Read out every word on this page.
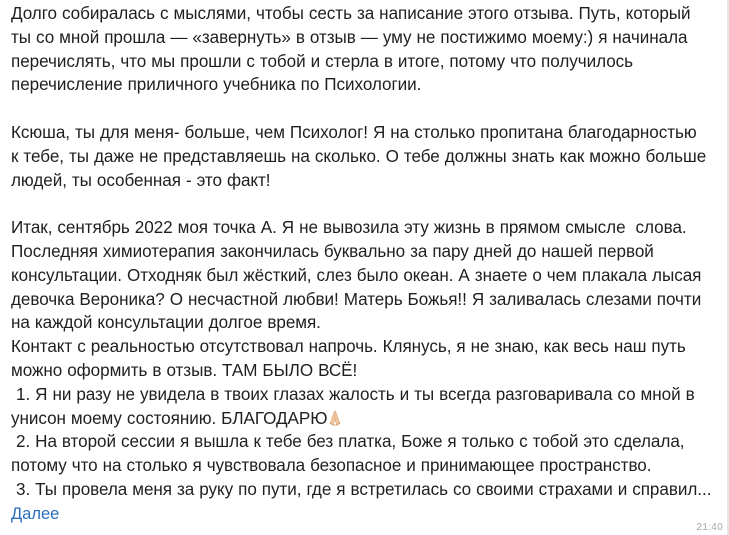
Долго собиралась с мыслями, чтобы сесть за написание этого отзыва. Путь, который
ты со мной прошла — «завернуть» в отзыв — уму не постижимо моему:) я начинала
перечислять, что мы прошли с тобой и стерла в итоге, потому что получилось
перечисление приличного учебника по Психологии.
Ксюша, ты для меня- больше, чем Психолог! Я на столько пропитана благодарностью
к тебе, ты даже не представляешь на сколько. О тебе должны знать как можно больше
людей, ты особенная - это факт!
Итак, сентябрь 2022 моя точка А. Я не вывозила эту жизнь в прямом смысле  слова.
Последняя химиотерапия закончилась буквально за пару дней до нашей первой
консультации. Отходняк был жёсткий, слез было океан. А знаете о чем плакала лысая
девочка Вероника? О несчастной любви! Матерь Божья!! Я заливалась слезами почти
на каждой консультации долгое время.
Контакт с реальностью отсутствовал напрочь. Клянусь, я не знаю, как весь наш путь
можно оформить в отзыв. ТАМ БЫЛО ВСЁ!
1. Я ни разу не увидела в твоих глазах жалость и ты всегда разговаривала со мной в
унисон моему состоянию. БЛАГОДАРЮ
2. На второй сессии я вышла к тебе без платка, Боже я только с тобой это сделала,
потому что на столько я чувствовала безопасное и принимающее пространство.
3. Ты провела меня за руку по пути, где я встретилась со своими страхами и справил...
Далее
21:40
